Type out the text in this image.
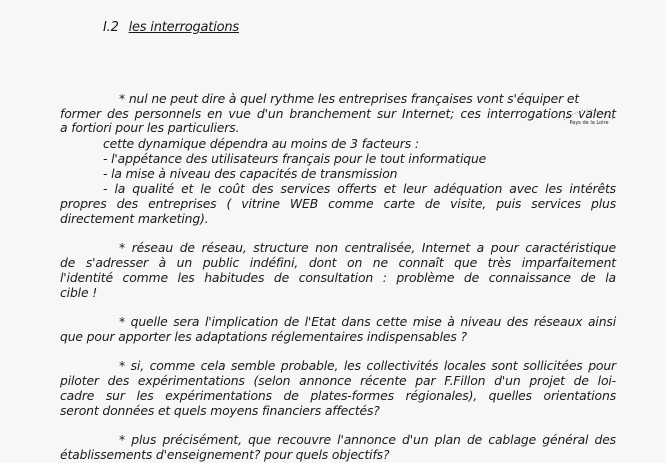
I.2 les interrogations
Pays de la Loire
* nul ne peut dire à quel rythme les entreprises françaises vont s'équiper et
former des personnels en vue d'un branchement sur Internet; ces interrogations valent
a fortiori pour les particuliers.
cette dynamique dépendra au moins de 3 facteurs :
- l'appétance des utilisateurs français pour le tout informatique
- la mise à niveau des capacités de transmission
- la qualité et le coût des services offerts et leur adéquation avec les intérêts
propres des entreprises ( vitrine WEB comme carte de visite, puis services plus
directement marketing).
* réseau de réseau, structure non centralisée, Internet a pour caractéristique
de s'adresser à un public indéfini, dont on ne connaît que très imparfaitement
l'identité comme les habitudes de consultation : problème de connaissance de la
cible !
* quelle sera l'implication de l'Etat dans cette mise à niveau des réseaux ainsi
que pour apporter les adaptations réglementaires indispensables ?
* si, comme cela semble probable, les collectivités locales sont sollicitées pour
piloter des expérimentations (selon annonce récente par F.Fillon d'un projet de loi-
cadre sur les expérimentations de plates-formes régionales), quelles orientations
seront données et quels moyens financiers affectés?
* plus précisément, que recouvre l'annonce d'un plan de cablage général des
établissements d'enseignement? pour quels objectifs?
